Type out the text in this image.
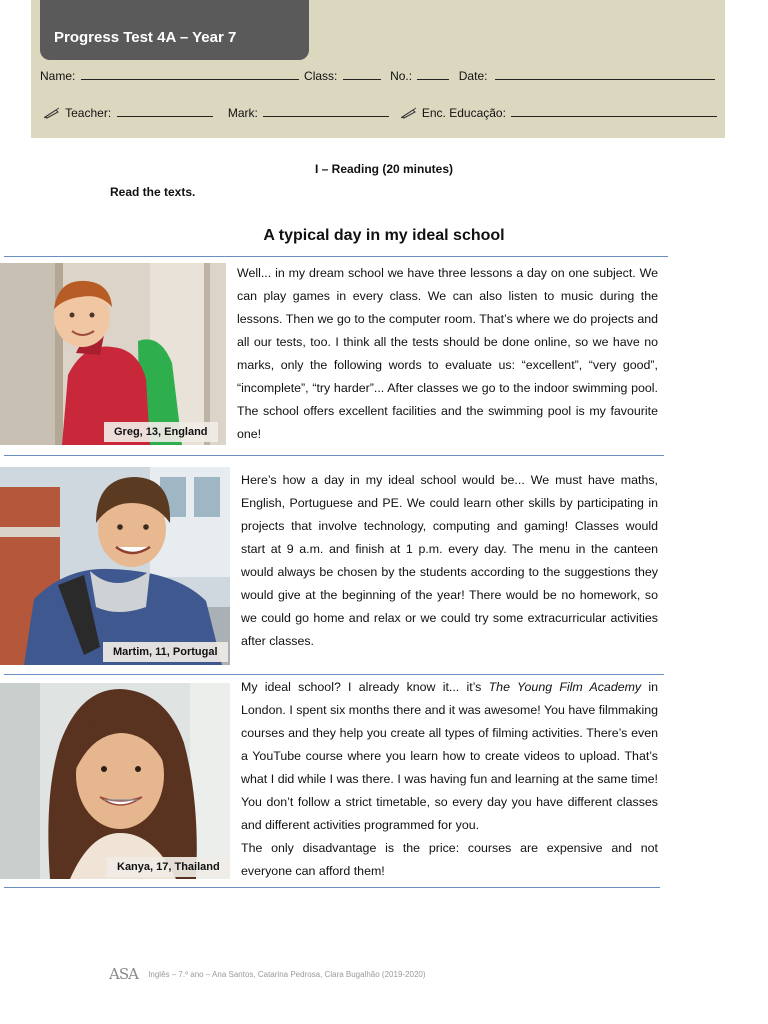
Progress Test 4A – Year 7
Name:	Class:	No.:	Date:
Teacher:	Mark:	Enc. Educação:
I – Reading (20 minutes)
Read the texts.
A typical day in my ideal school
Greg, 13, England

Well... in my dream school we have three lessons a day on one subject. We can play games in every class. We can also listen to music during the lessons. Then we go to the computer room. That’s where we do projects and all our tests, too. I think all the tests should be done online, so we have no marks, only the following words to evaluate us: “excellent”, “very good”, “incomplete”, “try harder”... After classes we go to the indoor swimming pool. The school offers excellent facilities and the swimming pool is my favourite one!

Martim, 11, Portugal

Here’s how a day in my ideal school would be... We must have maths, English, Portuguese and PE. We could learn other skills by participating in projects that involve technology, computing and gaming! Classes would start at 9 a.m. and finish at 1 p.m. every day. The menu in the canteen would always be chosen by the students according to the suggestions they would give at the beginning of the year! There would be no homework, so we could go home and relax or we could try some extracurricular activities after classes.

Kanya, 17, Thailand

My ideal school? I already know it... it’s The Young Film Academy in London. I spent six months there and it was awesome! You have filmmaking courses and they help you create all types of filming activities. There’s even a YouTube course where you learn how to create videos to upload. That’s what I did while I was there. I was having fun and learning at the same time! You don’t follow a strict timetable, so every day you have different classes and different activities programmed for you.

The only disadvantage is the price: courses are expensive and not everyone can afford them!

ASA Inglês – 7.º ano – Ana Santos, Catarina Pedrosa, Clara Bugalhão (2019-2020)
